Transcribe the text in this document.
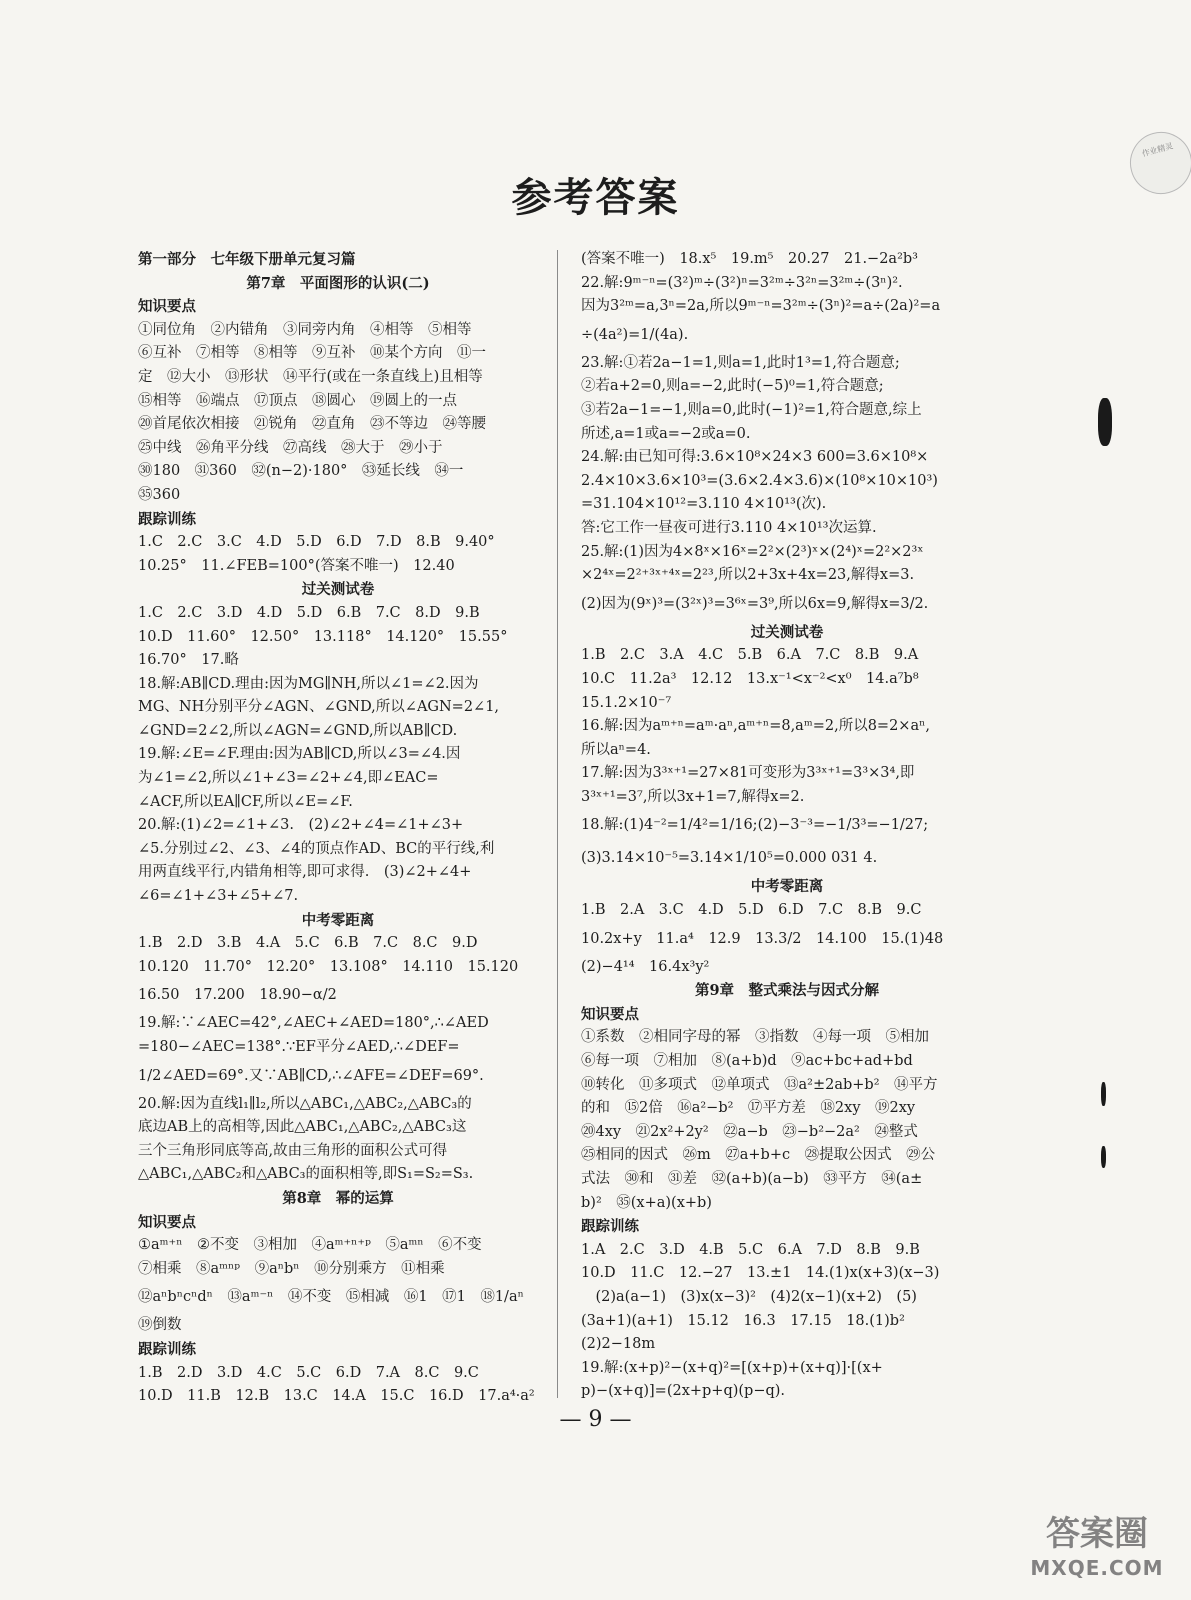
参考答案
作业精灵
第一部分　七年级下册单元复习篇
第7章　平面图形的认识(二)
知识要点
①同位角　②内错角　③同旁内角　④相等　⑤相等
⑥互补　⑦相等　⑧相等　⑨互补　⑩某个方向　⑪一
定　⑫大小　⑬形状　⑭平行(或在一条直线上)且相等
⑮相等　⑯端点　⑰顶点　⑱圆心　⑲圆上的一点
⑳首尾依次相接　㉑锐角　㉒直角　㉓不等边　㉔等腰
㉕中线　㉖角平分线　㉗高线　㉘大于　㉙小于
㉚180　㉛360　㉜(n−2)·180°　㉝延长线　㉞一
㉟360
跟踪训练
1.C　2.C　3.C　4.D　5.D　6.D　7.D　8.B　9.40°
10.25°　11.∠FEB=100°(答案不唯一)　12.40
过关测试卷
1.C　2.C　3.D　4.D　5.D　6.B　7.C　8.D　9.B
10.D　11.60°　12.50°　13.118°　14.120°　15.55°
16.70°　17.略
18.解:AB∥CD.理由:因为MG∥NH,所以∠1=∠2.因为
MG、NH分别平分∠AGN、∠GND,所以∠AGN=2∠1,
∠GND=2∠2,所以∠AGN=∠GND,所以AB∥CD.
19.解:∠E=∠F.理由:因为AB∥CD,所以∠3=∠4.因
为∠1=∠2,所以∠1+∠3=∠2+∠4,即∠EAC=
∠ACF,所以EA∥CF,所以∠E=∠F.
20.解:(1)∠2=∠1+∠3.　(2)∠2+∠4=∠1+∠3+
∠5.分别过∠2、∠3、∠4的顶点作AD、BC的平行线,利
用两直线平行,内错角相等,即可求得.　(3)∠2+∠4+
∠6=∠1+∠3+∠5+∠7.
中考零距离
1.B　2.D　3.B　4.A　5.C　6.B　7.C　8.C　9.D
10.120　11.70°　12.20°　13.108°　14.110　15.120
16.50　17.200　18.90−α/2
19.解:∵∠AEC=42°,∠AEC+∠AED=180°,∴∠AED
=180−∠AEC=138°.∵EF平分∠AED,∴∠DEF=
1/2∠AED=69°.又∵AB∥CD,∴∠AFE=∠DEF=69°.
20.解:因为直线l₁∥l₂,所以△ABC₁,△ABC₂,△ABC₃的
底边AB上的高相等,因此△ABC₁,△ABC₂,△ABC₃这
三个三角形同底等高,故由三角形的面积公式可得
△ABC₁,△ABC₂和△ABC₃的面积相等,即S₁=S₂=S₃.
第8章　幂的运算
知识要点
①aᵐ⁺ⁿ　②不变　③相加　④aᵐ⁺ⁿ⁺ᵖ　⑤aᵐⁿ　⑥不变
⑦相乘　⑧aᵐⁿᵖ　⑨aⁿbⁿ　⑩分别乘方　⑪相乘
⑫aⁿbⁿcⁿdⁿ　⑬aᵐ⁻ⁿ　⑭不变　⑮相减　⑯1　⑰1　⑱1/aⁿ
⑲倒数
跟踪训练
1.B　2.D　3.D　4.C　5.C　6.D　7.A　8.C　9.C
10.D　11.B　12.B　13.C　14.A　15.C　16.D　17.a⁴·a²
(答案不唯一)　18.x⁵　19.m⁵　20.27　21.−2a²b³
22.解:9ᵐ⁻ⁿ=(3²)ᵐ÷(3²)ⁿ=3²ᵐ÷3²ⁿ=3²ᵐ÷(3ⁿ)².
因为3²ᵐ=a,3ⁿ=2a,所以9ᵐ⁻ⁿ=3²ᵐ÷(3ⁿ)²=a÷(2a)²=a
÷(4a²)=1/(4a).
23.解:①若2a−1=1,则a=1,此时1³=1,符合题意;
②若a+2=0,则a=−2,此时(−5)⁰=1,符合题意;
③若2a−1=−1,则a=0,此时(−1)²=1,符合题意,综上
所述,a=1或a=−2或a=0.
24.解:由已知可得:3.6×10⁸×24×3 600=3.6×10⁸×
2.4×10×3.6×10³=(3.6×2.4×3.6)×(10⁸×10×10³)
=31.104×10¹²=3.110 4×10¹³(次).
答:它工作一昼夜可进行3.110 4×10¹³次运算.
25.解:(1)因为4×8ˣ×16ˣ=2²×(2³)ˣ×(2⁴)ˣ=2²×2³ˣ
×2⁴ˣ=2²⁺³ˣ⁺⁴ˣ=2²³,所以2+3x+4x=23,解得x=3.
(2)因为(9ˣ)³=(3²ˣ)³=3⁶ˣ=3⁹,所以6x=9,解得x=3/2.
过关测试卷
1.B　2.C　3.A　4.C　5.B　6.A　7.C　8.B　9.A
10.C　11.2a³　12.12　13.x⁻¹<x⁻²<x⁰　14.a⁷b⁸
15.1.2×10⁻⁷
16.解:因为aᵐ⁺ⁿ=aᵐ·aⁿ,aᵐ⁺ⁿ=8,aᵐ=2,所以8=2×aⁿ,
所以aⁿ=4.
17.解:因为3³ˣ⁺¹=27×81可变形为3³ˣ⁺¹=3³×3⁴,即
3³ˣ⁺¹=3⁷,所以3x+1=7,解得x=2.
18.解:(1)4⁻²=1/4²=1/16;(2)−3⁻³=−1/3³=−1/27;
(3)3.14×10⁻⁵=3.14×1/10⁵=0.000 031 4.
中考零距离
1.B　2.A　3.C　4.D　5.D　6.D　7.C　8.B　9.C
10.2x+y　11.a⁴　12.9　13.3/2　14.100　15.(1)48
(2)−4¹⁴　16.4x³y²
第9章　整式乘法与因式分解
知识要点
①系数　②相同字母的幂　③指数　④每一项　⑤相加
⑥每一项　⑦相加　⑧(a+b)d　⑨ac+bc+ad+bd
⑩转化　⑪多项式　⑫单项式　⑬a²±2ab+b²　⑭平方
的和　⑮2倍　⑯a²−b²　⑰平方差　⑱2xy　⑲2xy
⑳4xy　㉑2x²+2y²　㉒a−b　㉓−b²−2a²　㉔整式
㉕相同的因式　㉖m　㉗a+b+c　㉘提取公因式　㉙公
式法　㉚和　㉛差　㉜(a+b)(a−b)　㉝平方　㉞(a±
b)²　㉟(x+a)(x+b)
跟踪训练
1.A　2.C　3.D　4.B　5.C　6.A　7.D　8.B　9.B
10.D　11.C　12.−27　13.±1　14.(1)x(x+3)(x−3)
　(2)a(a−1)　(3)x(x−3)²　(4)2(x−1)(x+2)　(5)
(3a+1)(a+1)　15.12　16.3　17.15　18.(1)b²
(2)2−18m
19.解:(x+p)²−(x+q)²=[(x+p)+(x+q)]·[(x+
p)−(x+q)]=(2x+p+q)(p−q).
— 9 —
答案圈
MXQE.COM
